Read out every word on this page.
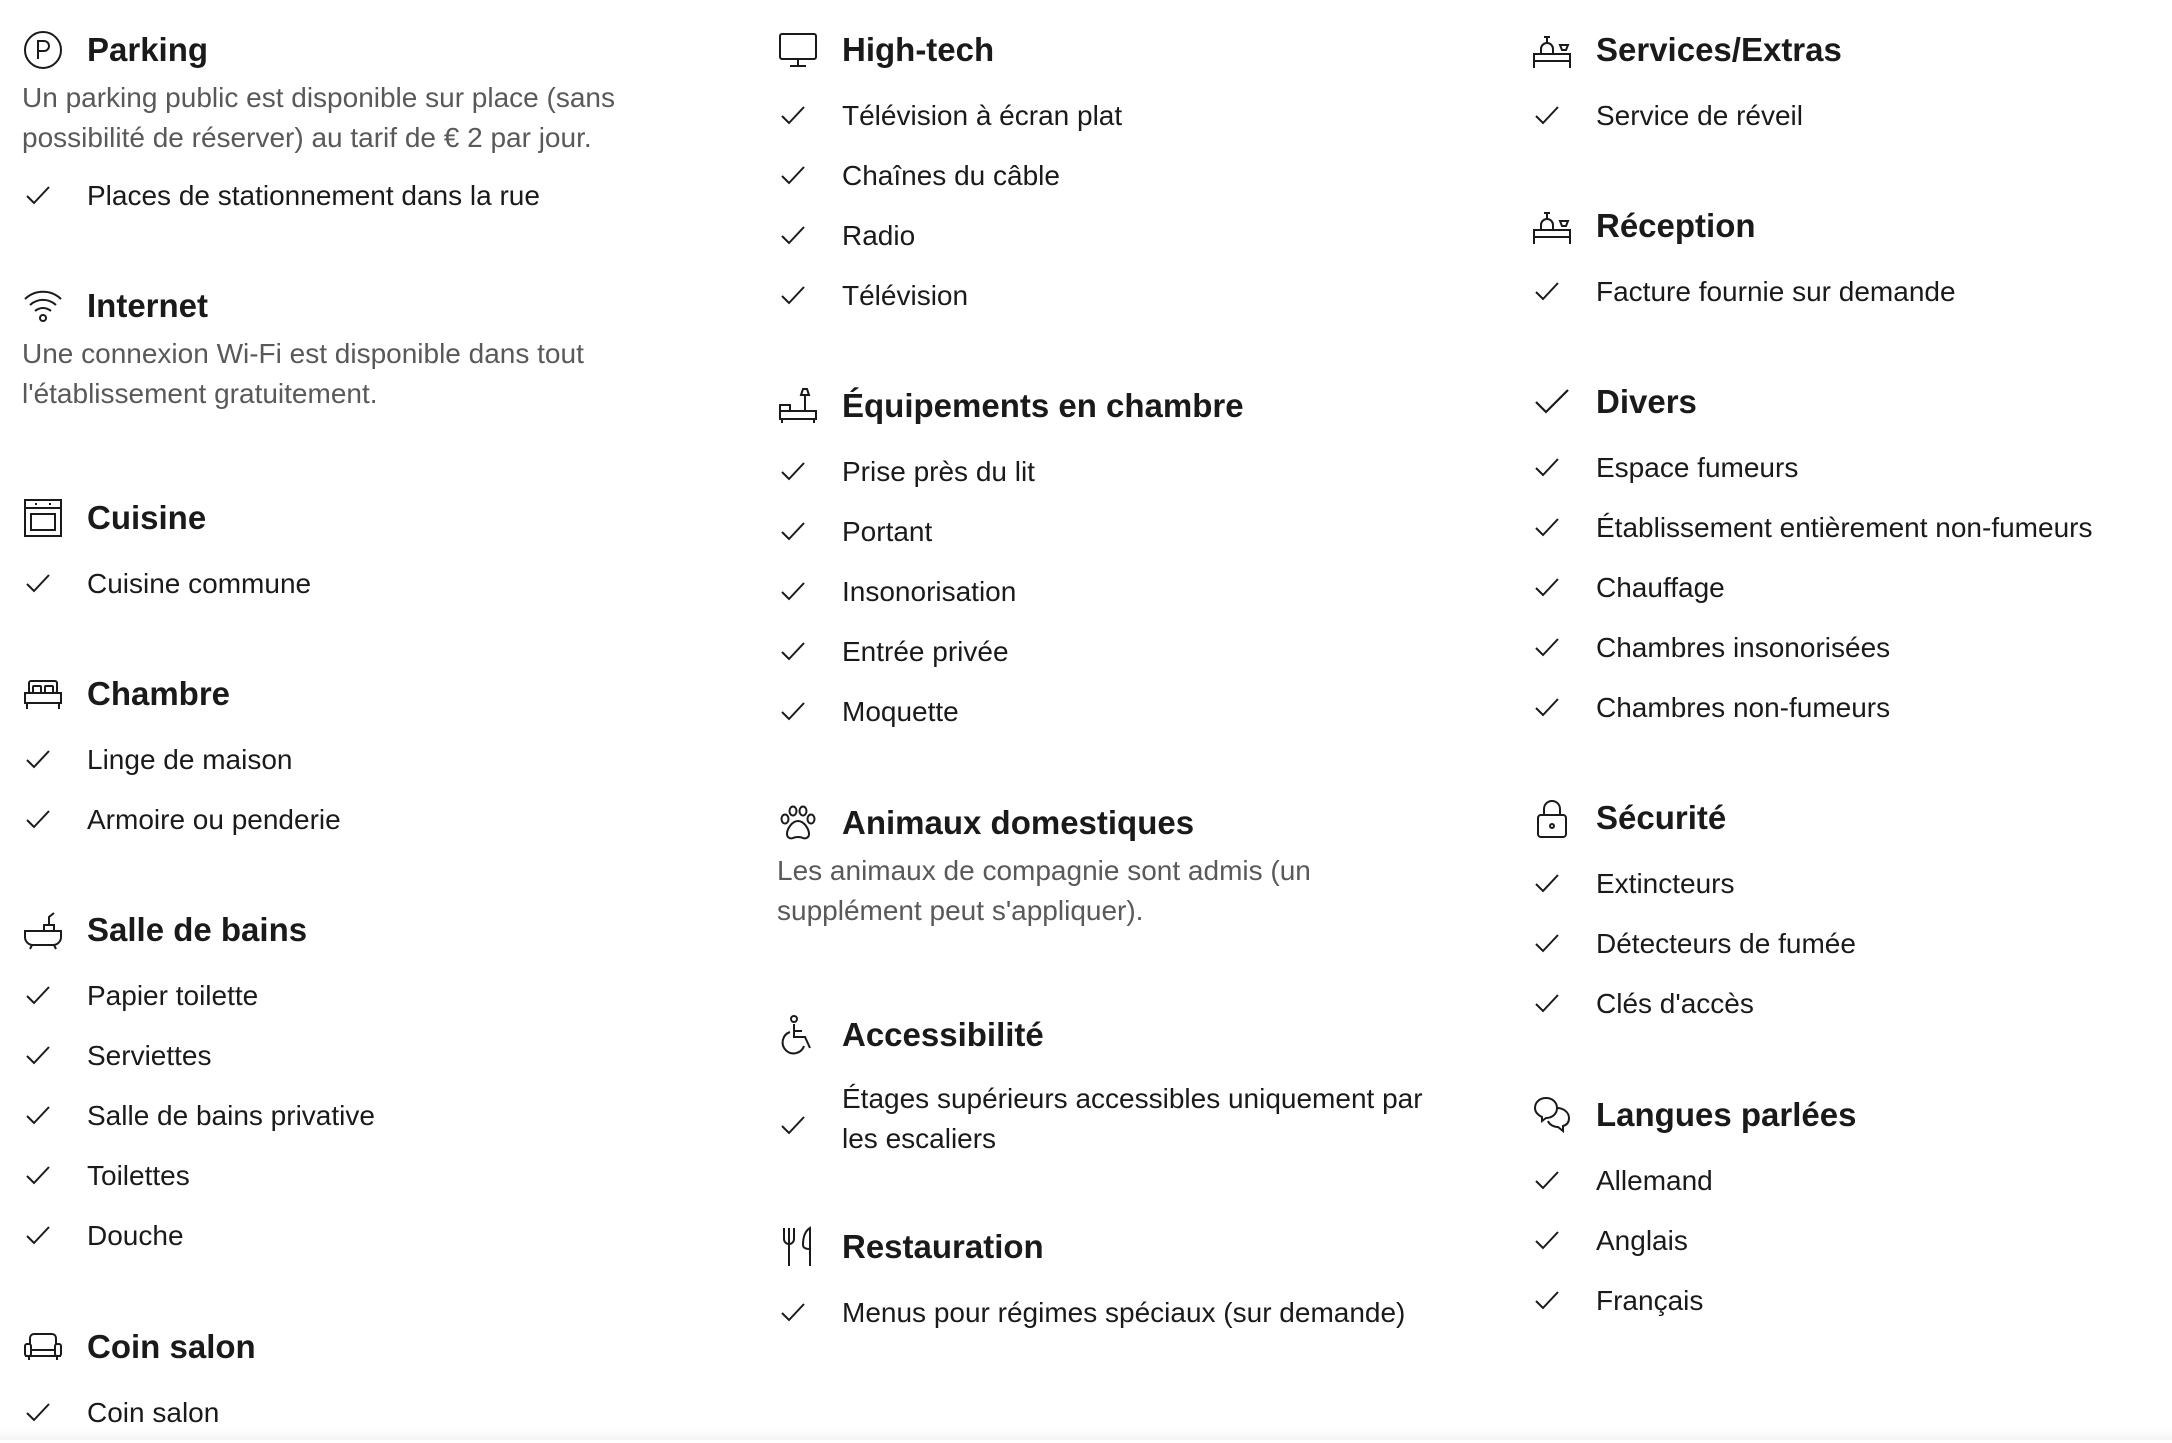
Parking
Un parking public est disponible sur place (sans possibilité de réserver) au tarif de € 2 par jour.
Places de stationnement dans la rue
Internet
Une connexion Wi-Fi est disponible dans tout l'établissement gratuitement.
Cuisine
Cuisine commune
Chambre
Linge de maison
Armoire ou penderie
Salle de bains
Papier toilette
Serviettes
Salle de bains privative
Toilettes
Douche
Coin salon
Coin salon
High-tech
Télévision à écran plat
Chaînes du câble
Radio
Télévision
Équipements en chambre
Prise près du lit
Portant
Insonorisation
Entrée privée
Moquette
Animaux domestiques
Les animaux de compagnie sont admis (un supplément peut s'appliquer).
Accessibilité
Étages supérieurs accessibles uniquement par les escaliers
Restauration
Menus pour régimes spéciaux (sur demande)
Services/Extras
Service de réveil
Réception
Facture fournie sur demande
Divers
Espace fumeurs
Établissement entièrement non-fumeurs
Chauffage
Chambres insonorisées
Chambres non-fumeurs
Sécurité
Extincteurs
Détecteurs de fumée
Clés d'accès
Langues parlées
Allemand
Anglais
Français
